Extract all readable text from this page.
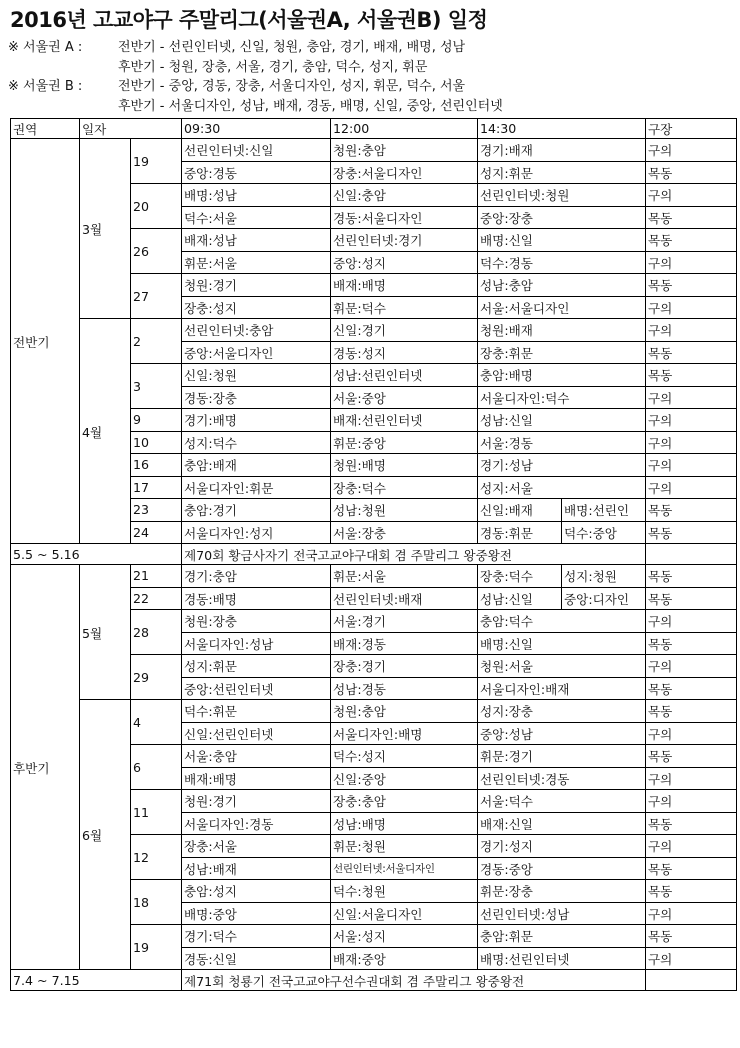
2016년 고교야구 주말리그(서울권A, 서울권B) 일정
※ 서울권 A :	전반기 - 선린인터넷, 신일, 청원, 충암, 경기, 배재, 배명, 성남
후반기 - 청원, 장충, 서울, 경기, 충암, 덕수, 성지, 휘문
※ 서울권 B :	전반기 - 중앙, 경동, 장충, 서울디자인, 성지, 휘문, 덕수, 서울
후반기 - 서울디자인, 성남, 배재, 경동, 배명, 신일, 중앙, 선린인터넷
권역	일자		09:30	12:00	14:30		구장
전반기	3월	19	선린인터넷:신일	청원:충암	경기:배재		구의
			중앙:경동	장충:서울디자인	성지:휘문		목동
		20	배명:성남	신일:충암	선린인터넷:청원		구의
			덕수:서울	경동:서울디자인	중앙:장충		목동
		26	배재:성남	선린인터넷:경기	배명:신일		목동
			휘문:서울	중앙:성지	덕수:경동		구의
		27	청원:경기	배재:배명	성남:충암		목동
			장충:성지	휘문:덕수	서울:서울디자인		구의
	4월	2	선린인터넷:충암	신일:경기	청원:배재		구의
			중앙:서울디자인	경동:성지	장충:휘문		목동
		3	신일:청원	성남:선린인터넷	충암:배명		목동
			경동:장충	서울:중앙	서울디자인:덕수		구의
		9	경기:배명	배재:선린인터넷	성남:신일		구의
		10	성지:덕수	휘문:중앙	서울:경동		구의
		16	충암:배재	청원:배명	경기:성남		구의
		17	서울디자인:휘문	장충:덕수	성지:서울		구의
		23	충암:경기	성남:청원	신일:배재	배명:선린인	목동
		24	서울디자인:성지	서울:장충	경동:휘문	덕수:중앙	목동
5.5 ~ 5.16			제70회 황금사자기 전국고교야구대회 겸 주말리그 왕중왕전				
후반기	5월	21	경기:충암	휘문:서울	장충:덕수	성지:청원	목동
		22	경동:배명	선린인터넷:배재	성남:신일	중앙:디자인	목동
		28	청원:장충	서울:경기	충암:덕수		구의
			서울디자인:성남	배재:경동	배명:신일		목동
		29	성지:휘문	장충:경기	청원:서울		구의
			중앙:선린인터넷	성남:경동	서울디자인:배재		목동
	6월	4	덕수:휘문	청원:충암	성지:장충		목동
			신일:선린인터넷	서울디자인:배명	중앙:성남		구의
		6	서울:충암	덕수:성지	휘문:경기		목동
			배재:배명	신일:중앙	선린인터넷:경동		구의
		11	청원:경기	장충:충암	서울:덕수		구의
			서울디자인:경동	성남:배명	배재:신일		목동
		12	장충:서울	휘문:청원	경기:성지		구의
			성남:배재	선린인터넷:서울디자인	경동:중앙		목동
		18	충암:성지	덕수:청원	휘문:장충		목동
			배명:중앙	신일:서울디자인	선린인터넷:성남		구의
		19	경기:덕수	서울:성지	충암:휘문		목동
			경동:신일	배재:중앙	배명:선린인터넷		구의
7.4 ~ 7.15			제71회 청룡기 전국고교야구선수권대회 겸 주말리그 왕중왕전				
